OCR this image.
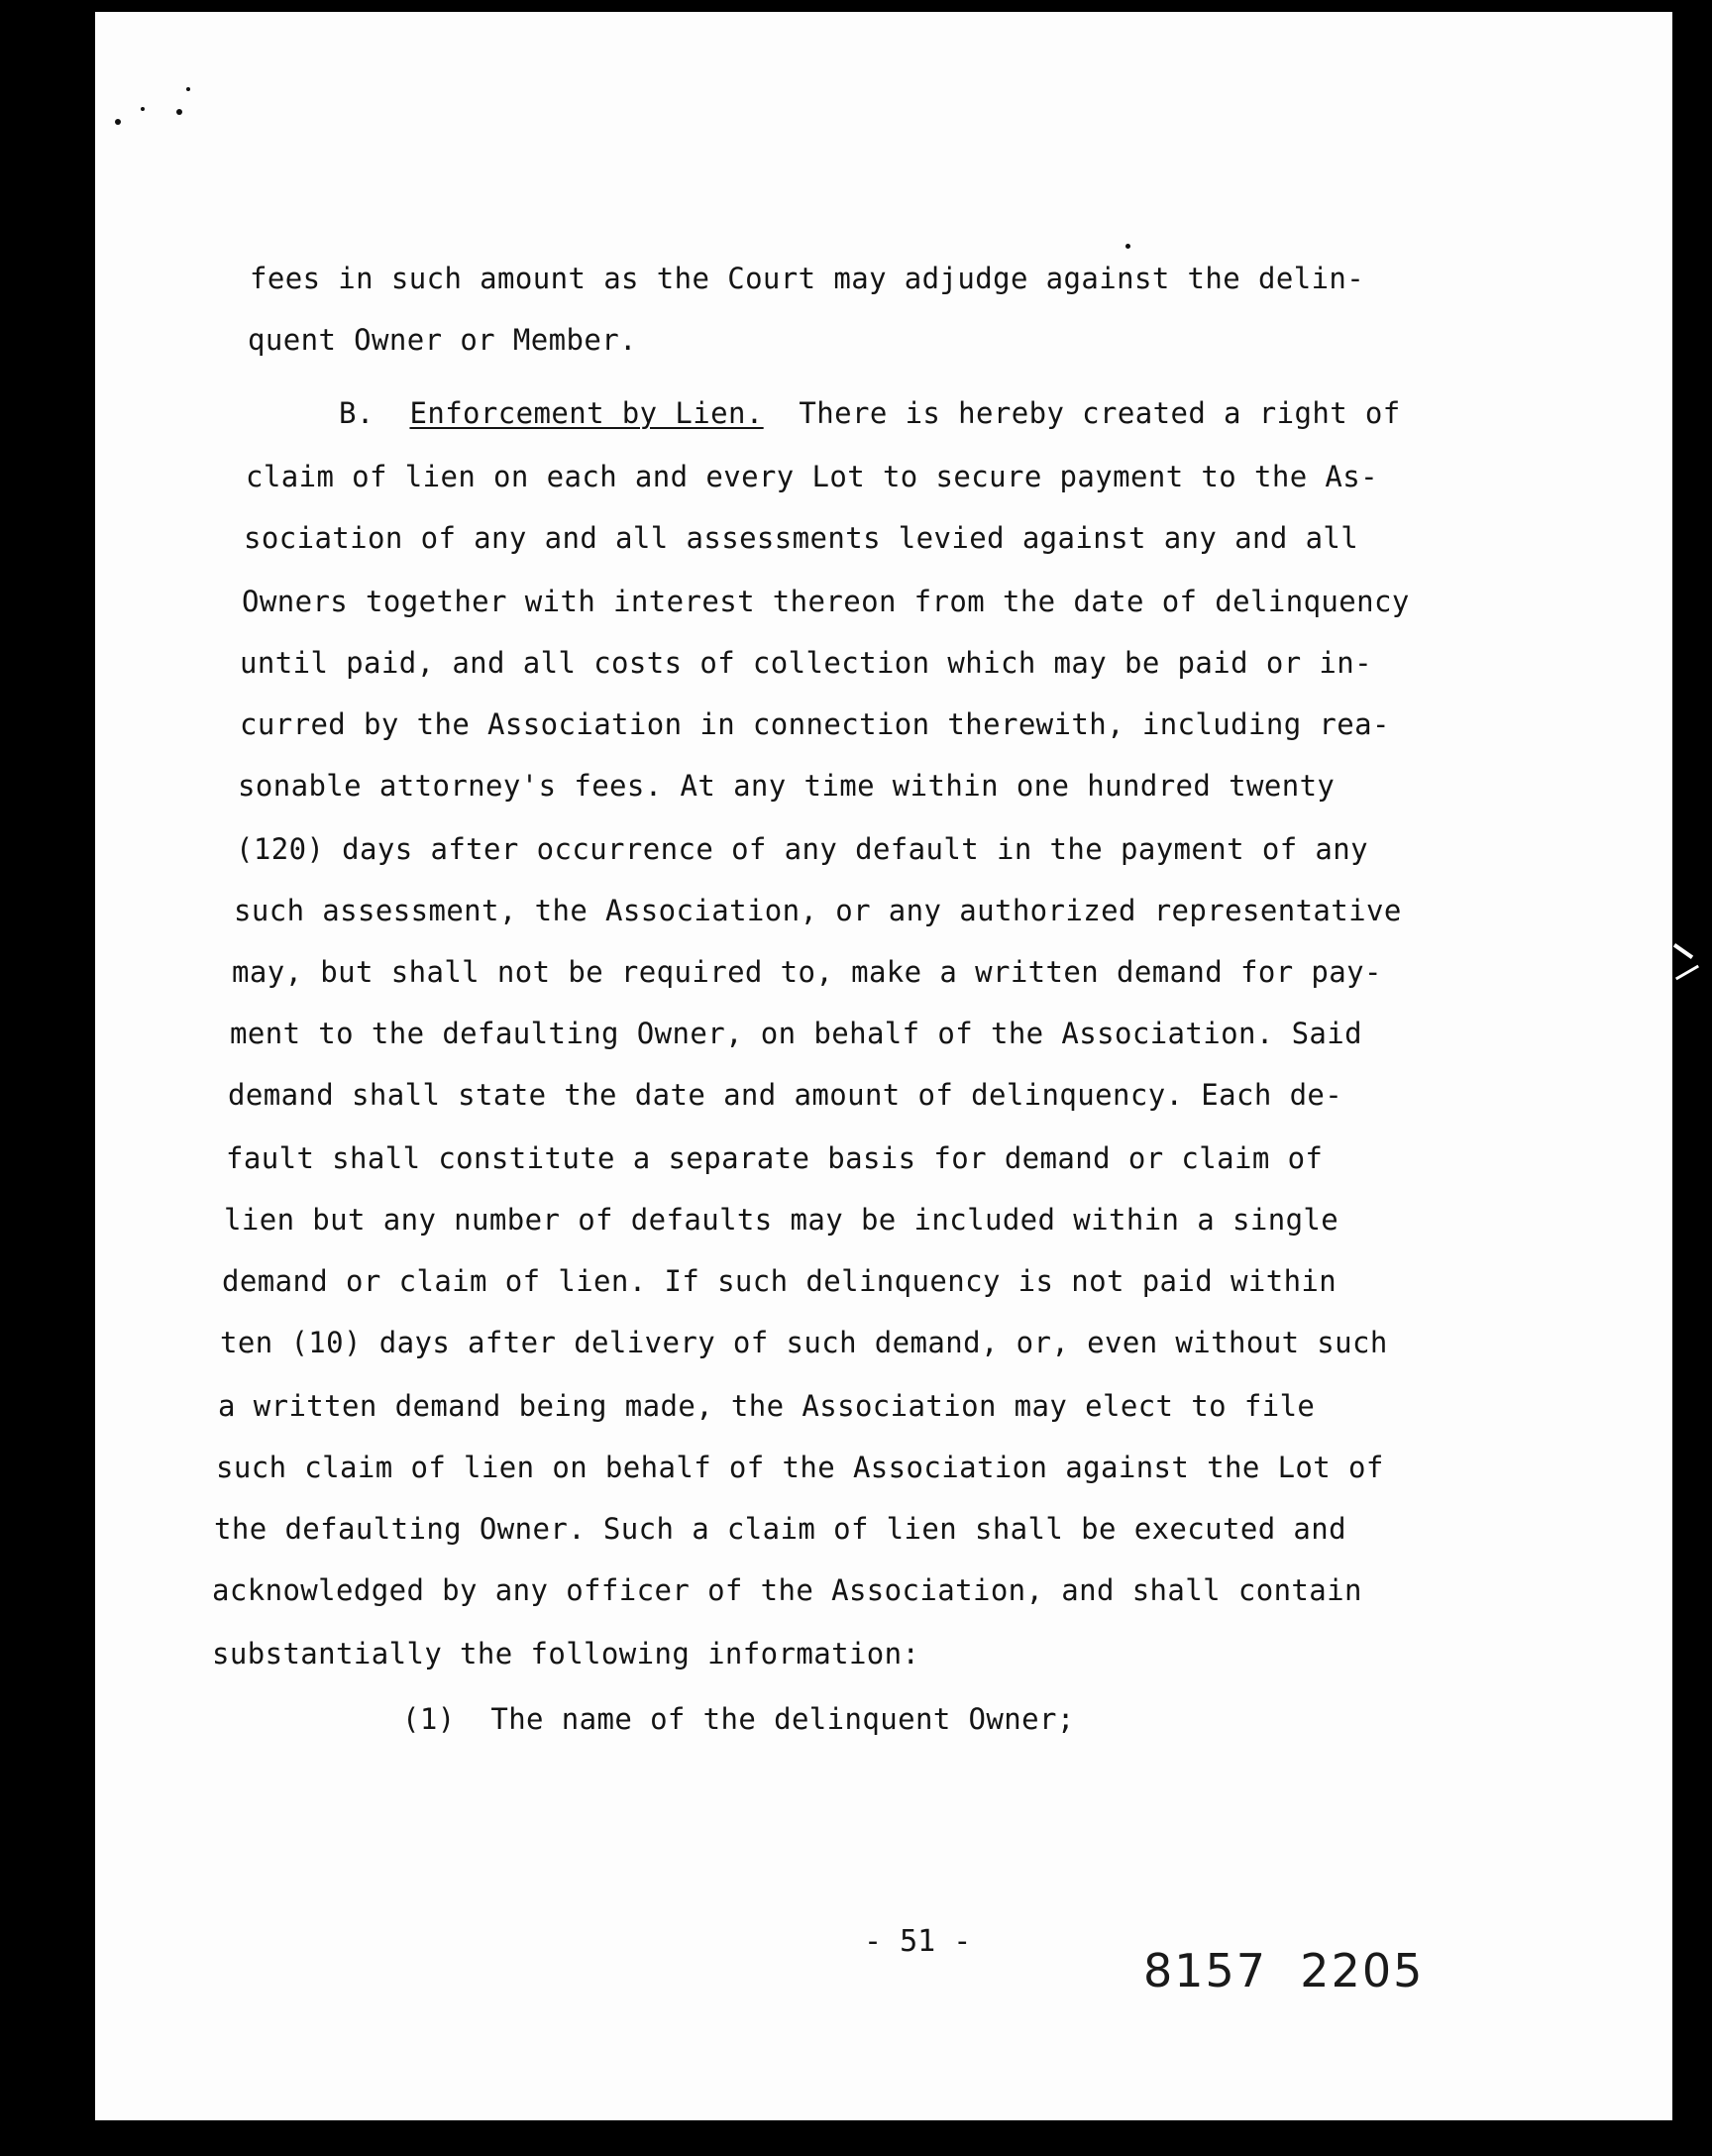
fees in such amount as the Court may adjudge against the delin-
quent Owner or Member.
B. Enforcement by Lien. There is hereby created a right of
claim of lien on each and every Lot to secure payment to the As-
sociation of any and all assessments levied against any and all
Owners together with interest thereon from the date of delinquency
until paid, and all costs of collection which may be paid or in-
curred by the Association in connection therewith, including rea-
sonable attorney's fees. At any time within one hundred twenty
(120) days after occurrence of any default in the payment of any
such assessment, the Association, or any authorized representative
may, but shall not be required to, make a written demand for pay-
ment to the defaulting Owner, on behalf of the Association. Said
demand shall state the date and amount of delinquency. Each de-
fault shall constitute a separate basis for demand or claim of
lien but any number of defaults may be included within a single
demand or claim of lien. If such delinquency is not paid within
ten (10) days after delivery of such demand, or, even without such
a written demand being made, the Association may elect to file
such claim of lien on behalf of the Association against the Lot of
the defaulting Owner. Such a claim of lien shall be executed and
acknowledged by any officer of the Association, and shall contain
substantially the following information:
(1) The name of the delinquent Owner;
- 51 -
8157  2205
